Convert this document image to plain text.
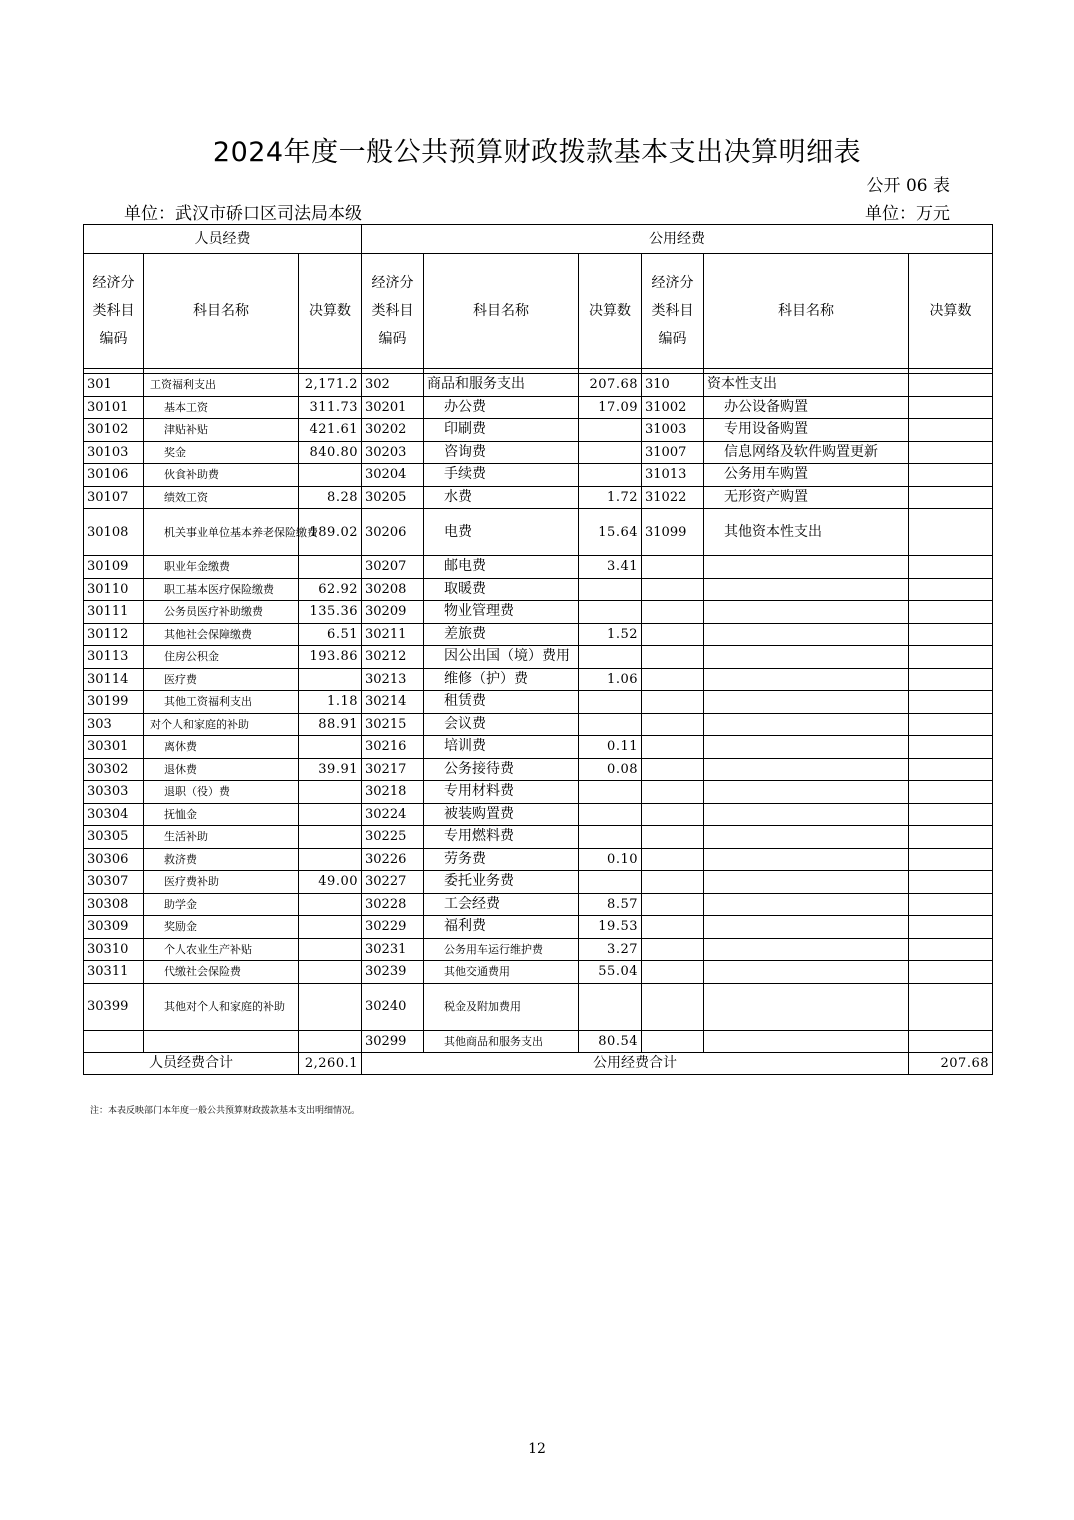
2024年度一般公共预算财政拨款基本支出决算明细表
公开 06 表
单位：武汉市硚口区司法局本级	单位：万元
人员经费			公用经费					
经济分类科目编码	科目名称	决算数	经济分类科目编码	科目名称	决算数	经济分类科目编码	科目名称	决算数

301	工资福利支出	2,171.2	302	商品和服务支出	207.68	310	资本性支出	
30101	基本工资	311.73	30201	办公费	17.09	31002	办公设备购置	
30102	津贴补贴	421.61	30202	印刷费		31003	专用设备购置	
30103	奖金	840.80	30203	咨询费		31007	信息网络及软件购置更新	
30106	伙食补助费		30204	手续费		31013	公务用车购置	
30107	绩效工资	8.28	30205	水费	1.72	31022	无形资产购置	
30108	机关事业单位基本养老保险缴费	189.02	30206	电费	15.64	31099	其他资本性支出	
30109	职业年金缴费		30207	邮电费	3.41			
30110	职工基本医疗保险缴费	62.92	30208	取暖费				
30111	公务员医疗补助缴费	135.36	30209	物业管理费				
30112	其他社会保障缴费	6.51	30211	差旅费	1.52			
30113	住房公积金	193.86	30212	因公出国（境）费用				
30114	医疗费		30213	维修（护）费	1.06			
30199	其他工资福利支出	1.18	30214	租赁费				
303	对个人和家庭的补助	88.91	30215	会议费				
30301	离休费		30216	培训费	0.11			
30302	退休费	39.91	30217	公务接待费	0.08			
30303	退职（役）费		30218	专用材料费				
30304	抚恤金		30224	被装购置费				
30305	生活补助		30225	专用燃料费				
30306	救济费		30226	劳务费	0.10			
30307	医疗费补助	49.00	30227	委托业务费				
30308	助学金		30228	工会经费	8.57			
30309	奖励金		30229	福利费	19.53			
30310	个人农业生产补贴		30231	公务用车运行维护费	3.27			
30311	代缴社会保险费		30239	其他交通费用	55.04			
30399	其他对个人和家庭的补助		30240	税金及附加费用				
			30299	其他商品和服务支出	80.54			
人员经费合计		2,260.1	公用经费合计					207.68
注：本表反映部门本年度一般公共预算财政拨款基本支出明细情况。
12
